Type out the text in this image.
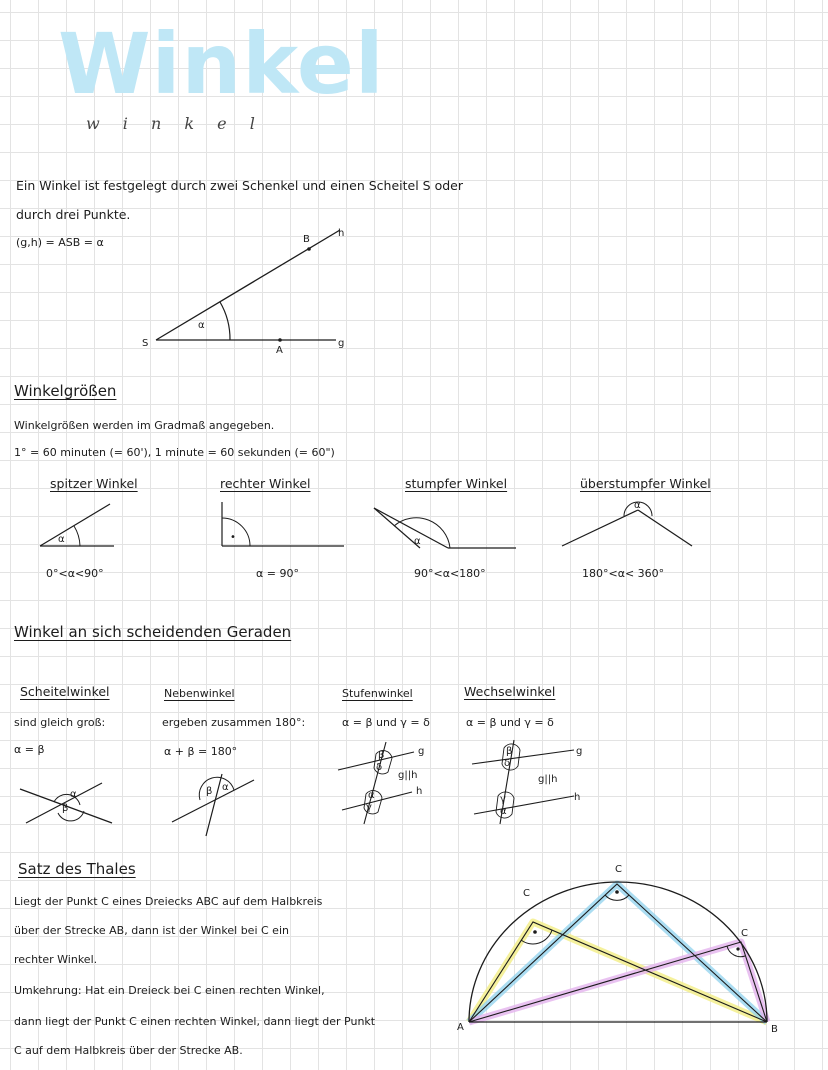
Winkel
w i n k e l
Ein Winkel ist festgelegt durch zwei Schenkel und einen Scheitel S oder
durch drei Punkte.
(g,h) = ASB = α
S
B
h
A
g
α
Winkelgrößen
Winkelgrößen werden im Gradmaß angegeben.
1° = 60 minuten (= 60'), 1 minute = 60 sekunden (= 60")
spitzer Winkel	rechter Winkel	stumpfer Winkel	überstumpfer Winkel
α	•	α
α
0°<α<90°	α = 90°	90°<α<180°	180°<α< 360°
Winkel an sich scheidenden Geraden
Scheitelwinkel
sind gleich groß:
α = β
Nebenwinkel
ergeben zusammen 180°:
α + β = 180°
Stufenwinkel
α = β und γ = δ
Wechselwinkel
α = β und γ = δ
α
β
β α
β
δ
α
γ
g
h
g||h
β
δ
γ
α
g
h
g||h
Satz des Thales
Liegt der Punkt C eines Dreiecks ABC auf dem Halbkreis
über der Strecke AB, dann ist der Winkel bei C ein
rechter Winkel.
Umkehrung: Hat ein Dreieck bei C einen rechten Winkel,
dann liegt der Punkt C einen rechten Winkel, dann liegt der Punkt
C auf dem Halbkreis über der Strecke AB.
A	B
C
C
C
